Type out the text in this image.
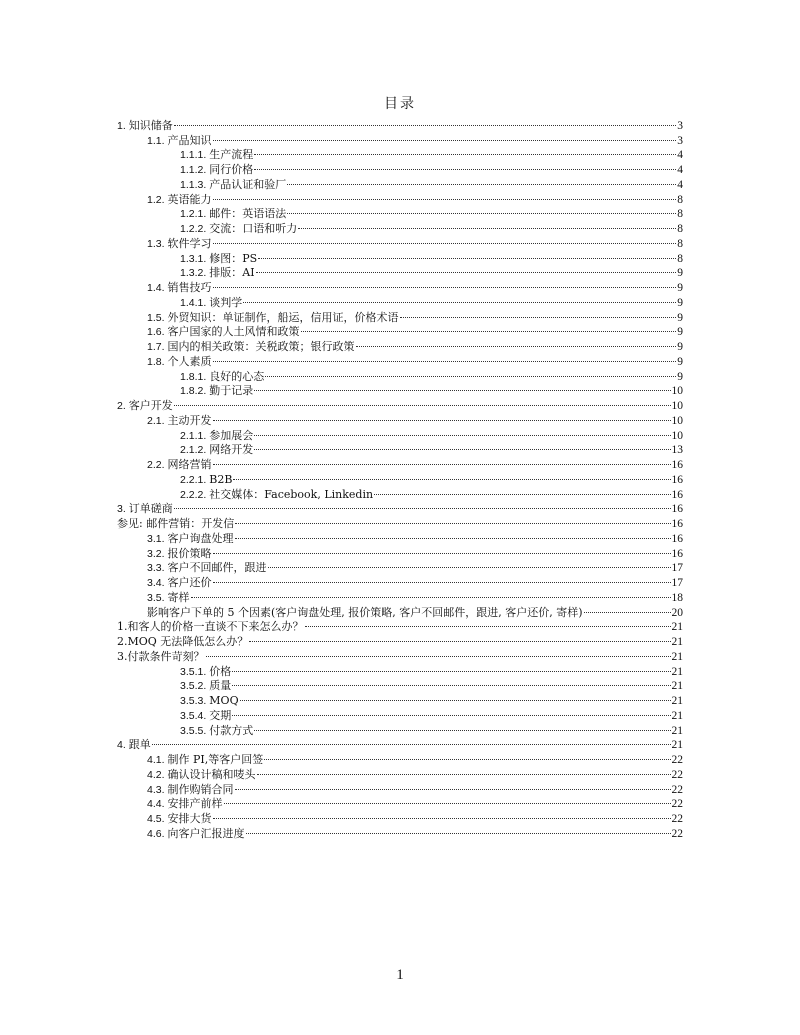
目录
1. 知识储备	3
1.1. 产品知识	3
1.1.1. 生产流程	4
1.1.2. 同行价格	4
1.1.3. 产品认证和验厂	4
1.2. 英语能力	8
1.2.1. 邮件：英语语法	8
1.2.2. 交流：口语和听力	8
1.3. 软件学习	8
1.3.1. 修图：PS	8
1.3.2. 排版：AI	9
1.4. 销售技巧	9
1.4.1. 谈判学	9
1.5. 外贸知识：单证制作，船运，信用证，价格术语	9
1.6. 客户国家的人土风情和政策	9
1.7. 国内的相关政策：关税政策；银行政策	9
1.8. 个人素质	9
1.8.1. 良好的心态	9
1.8.2. 勤于记录	10
2. 客户开发	10
2.1. 主动开发	10
2.1.1. 参加展会	10
2.1.2. 网络开发	13
2.2. 网络营销	16
2.2.1. B2B	16
2.2.2. 社交媒体：Facebook, Linkedin	16
3. 订单磋商	16
参见: 邮件营销：开发信	16
3.1. 客户询盘处理	16
3.2. 报价策略	16
3.3. 客户不回邮件，跟进	17
3.4. 客户还价	17
3.5. 寄样	18
影响客户下单的 5 个因素(客户询盘处理, 报价策略, 客户不回邮件，跟进, 客户还价, 寄样)	20
1.和客人的价格一直谈不下来怎么办？	21
2.MOQ 无法降低怎么办？	21
3.付款条件苛刻？	21
3.5.1. 价格	21
3.5.2. 质量	21
3.5.3. MOQ	21
3.5.4. 交期	21
3.5.5. 付款方式	21
4. 跟单	21
4.1. 制作 PI,等客户回签	22
4.2. 确认设计稿和唛头	22
4.3. 制作购销合同	22
4.4. 安排产前样	22
4.5. 安排大货	22
4.6. 向客户汇报进度	22
1
